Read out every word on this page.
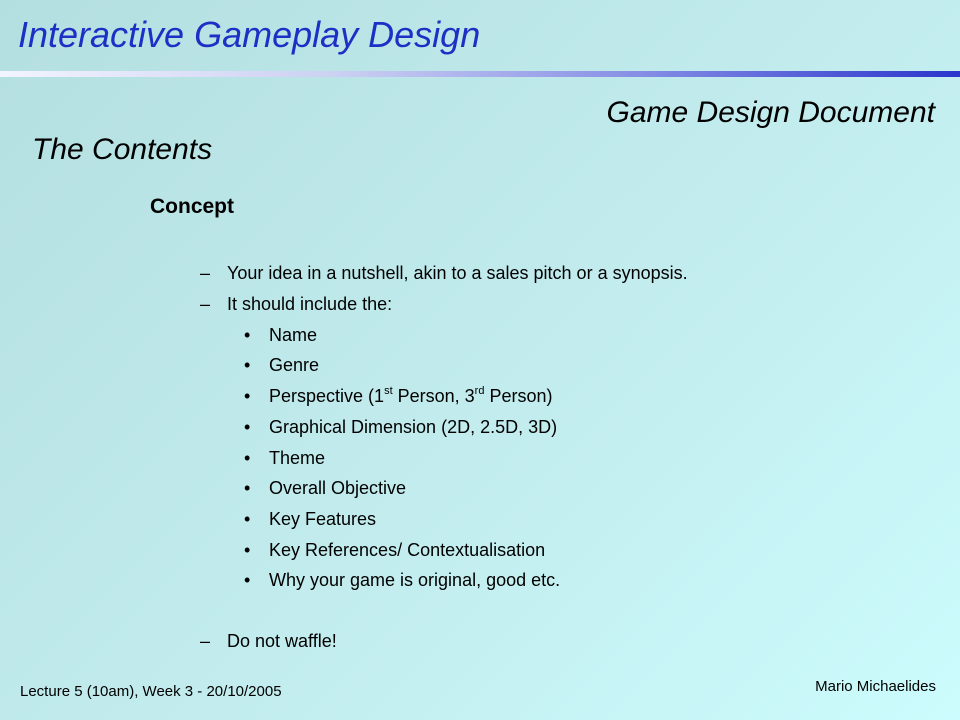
Interactive Gameplay Design
Game Design Document
The Contents
Concept
– Your idea in a nutshell, akin to a sales pitch or a synopsis.
– It should include the:
• Name
• Genre
• Perspective (1st Person, 3rd Person)
• Graphical Dimension (2D, 2.5D, 3D)
• Theme
• Overall Objective
• Key Features
• Key References/ Contextualisation
• Why your game is original, good etc.
– Do not waffle!
Lecture 5 (10am), Week 3 - 20/10/2005	Mario Michaelides
